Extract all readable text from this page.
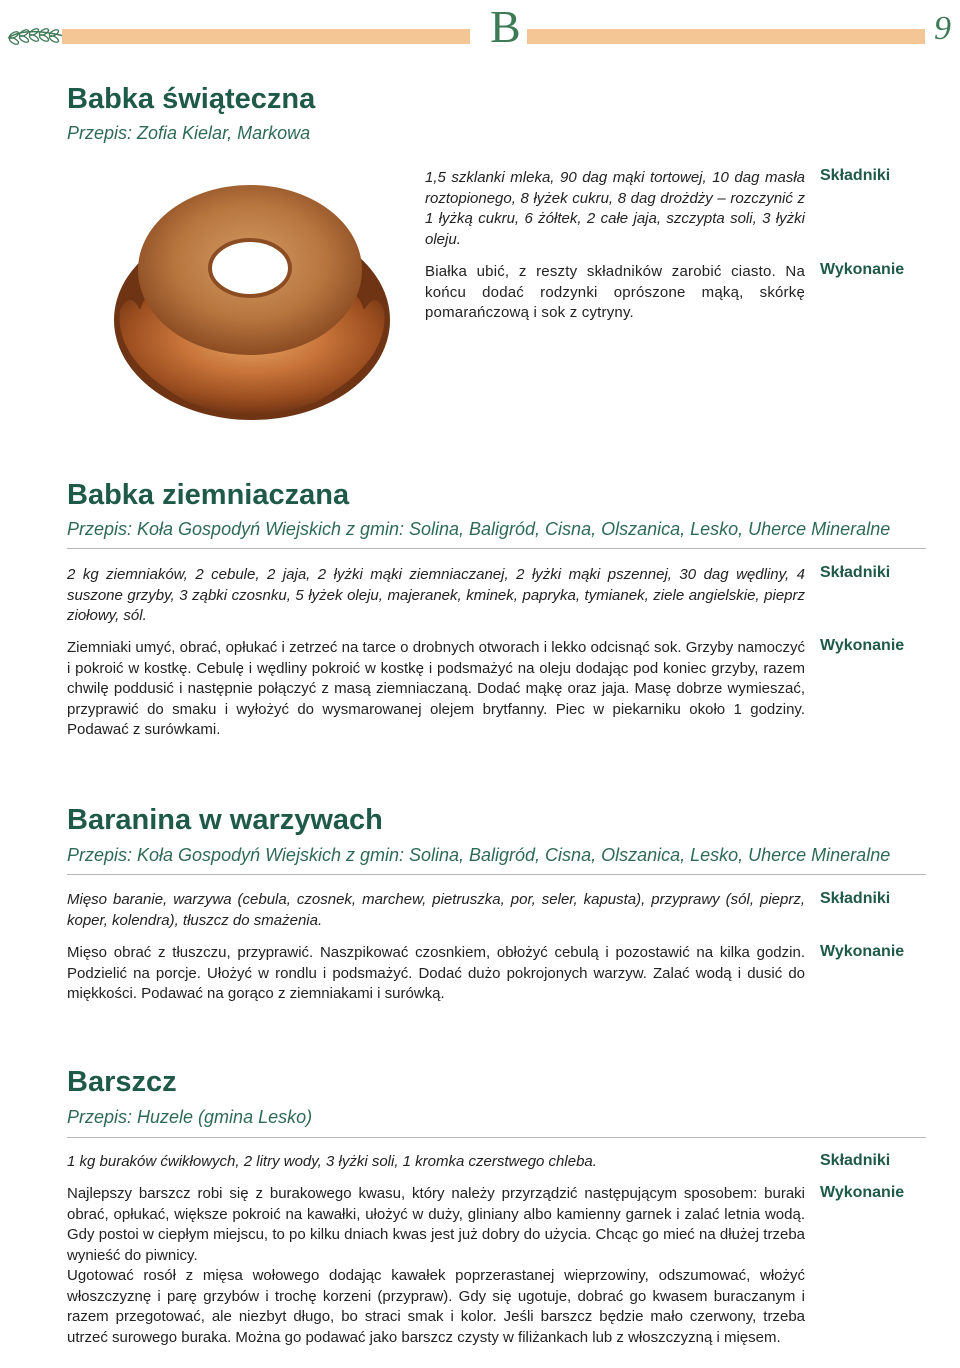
B	9
Babka świąteczna

Przepis: Zofia Kielar, Markowa

1,5 szklanki mleka, 90 dag mąki tortowej, 10 dag masła roztopionego, 8 łyżek cukru, 8 dag drożdży – rozczynić z 1 łyżką cukru, 6 żółtek, 2 całe jaja, szczypta soli, 3 łyżki oleju.

Składniki

Białka ubić, z reszty składników zarobić ciasto. Na końcu dodać rodzynki oprószone mąką, skórkę pomarańczową i sok z cytryny.

Wykonanie

Babka ziemniaczana

Przepis: Koła Gospodyń Wiejskich z gmin: Solina, Baligród, Cisna, Olszanica, Lesko, Uherce Mineralne

2 kg ziemniaków, 2 cebule, 2 jaja, 2 łyżki mąki ziemniaczanej, 2 łyżki mąki pszennej, 30 dag wędliny, 4 suszone grzyby, 3 ząbki czosnku, 5 łyżek oleju, majeranek, kminek, papryka, tymianek, ziele angielskie, pieprz ziołowy, sól.

Składniki

Ziemniaki umyć, obrać, opłukać i zetrzeć na tarce o drobnych otworach i lekko odcisnąć sok. Grzyby namoczyć i pokroić w kostkę. Cebulę i wędliny pokroić w kostkę i podsmażyć na oleju dodając pod koniec grzyby, razem chwilę poddusić i następnie połączyć z masą ziemniaczaną. Dodać mąkę oraz jaja. Masę dobrze wymieszać, przyprawić do smaku i wyłożyć do wysmarowanej olejem brytfanny. Piec w piekarniku około 1 godziny. Podawać z surówkami.

Wykonanie

Baranina w warzywach

Przepis: Koła Gospodyń Wiejskich z gmin: Solina, Baligród, Cisna, Olszanica, Lesko, Uherce Mineralne

Mięso baranie, warzywa (cebula, czosnek, marchew, pietruszka, por, seler, kapusta), przyprawy (sól, pieprz, koper, kolendra), tłuszcz do smażenia.

Składniki

Mięso obrać z tłuszczu, przyprawić. Naszpikować czosnkiem, obłożyć cebulą i pozostawić na kilka godzin. Podzielić na porcje. Ułożyć w rondlu i podsmażyć. Dodać dużo pokrojonych warzyw. Zalać wodą i dusić do miękkości. Podawać na gorąco z ziemniakami i surówką.

Wykonanie

Barszcz

Przepis: Huzele (gmina Lesko)

1 kg buraków ćwikłowych, 2 litry wody, 3 łyżki soli, 1 kromka czerstwego chleba.	Składniki

Najlepszy barszcz robi się z burakowego kwasu, który należy przyrządzić następującym sposobem: buraki obrać, opłukać, większe pokroić na kawałki, ułożyć w duży, gliniany albo kamienny garnek i zalać letnia wodą. Gdy postoi w ciepłym miejscu, to po kilku dniach kwas jest już dobry do użycia. Chcąc go mieć na dłużej trzeba wynieść do piwnicy.

Ugotować rosół z mięsa wołowego dodając kawałek poprzerastanej wieprzowiny, odszumować, włożyć włoszczyznę i parę grzybów i trochę korzeni (przypraw). Gdy się ugotuje, dobrać go kwasem buraczanym i razem przegotować, ale niezbyt długo, bo straci smak i kolor. Jeśli barszcz będzie mało czerwony, trzeba utrzeć surowego buraka. Można go podawać jako barszcz czysty w filiżankach lub z włoszczyzną i mięsem.

Wykonanie
